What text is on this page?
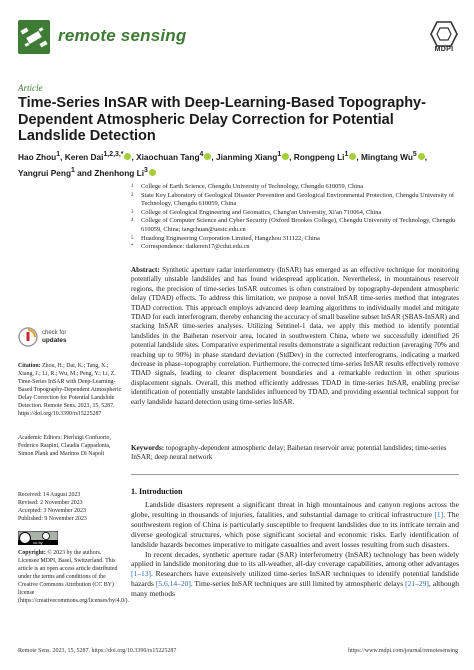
remote sensing
MDPI
Article
Time-Series InSAR with Deep-Learning-Based Topography-Dependent Atmospheric Delay Correction for Potential Landslide Detection
Hao Zhou$^1$, Keren Dai$^{1,2,3,*}$ , Xiaochuan Tang$^4$ , Jianming Xiang$^1$ , Rongpeng Li$^1$ , Mingtang Wu$^5$ ,
Yangrui Peng$^1$ and Zhenhong Li$^3$
1	College of Earth Science, Chengdu University of Technology, Chengdu 610059, China
2	State Key Laboratory of Geological Disaster Prevention and Geological Environmental Protection, Chengdu University of Technology, Chengdu 610059, China
3	College of Geological Engineering and Geomatics, Chang'an University, Xi'an 710064, China
4	College of Computer Science and Cyber Security (Oxford Brookes College), Chengdu University of Technology, Chengdu 610059, China; tangchuan@uestc.edu.cn
5	Huadong Engineering Corporation Limited, Hangzhou 311122, China
*	Correspondence: daikeren17@cdut.edu.cn
Abstract: Synthetic aperture radar interferometry (InSAR) has emerged as an effective technique for monitoring potentially unstable landslides and has found widespread application. Nevertheless, in mountainous reservoir regions, the precision of time-series InSAR outcomes is often constrained by topography-dependent atmospheric delay (TDAD) effects. To address this limitation, we propose a novel InSAR time-series method that integrates TDAD correction. This approach employs advanced deep learning algorithms to individually model and mitigate TDAD for each interferogram, thereby enhancing the accuracy of small baseline subset InSAR (SBAS-InSAR) and stacking InSAR time-series analyses. Utilizing Sentinel-1 data, we apply this method to identify potential landslides in the Baihetan reservoir area, located in southwestern China, where we successfully identified 26 potential landslide sites. Comparative experimental results demonstrate a significant reduction (averaging 70% and reaching up to 90%) in phase standard deviation (StdDev) in the corrected interferograms, indicating a marked decrease in phase–topography correlation. Furthermore, the corrected time-series InSAR results effectively remove TDAD signals, leading to clearer displacement boundaries and a remarkable reduction in other spurious displacement signals. Overall, this method efficiently addresses TDAD in time-series InSAR, enabling precise identification of potentially unstable landslides influenced by TDAD, and providing essential technical support for early landslide hazard detection using time-series InSAR.
Keywords: topography-dependent atmospheric delay; Baihetan reservoir area; potential landslides; time-series InSAR; deep neural network
1. Introduction

Landslide disasters represent a significant threat in high mountainous and canyon regions across the globe, resulting in thousands of injuries, fatalities, and substantial damage to critical infrastructure [1]. The southwestern region of China is particularly susceptible to frequent landslides due to its intricate terrain and diverse geological structures, which pose significant societal and economic risks. Early identification of landslide hazards becomes imperative to mitigate casualties and avert losses resulting from such disasters.

In recent decades, synthetic aperture radar (SAR) interferometry (InSAR) technology has been widely applied in landslide monitoring due to its all-weather, all-day coverage capabilities, among other advantages [1–13]. Researchers have extensively utilized time-series InSAR techniques to identify potential landslide hazards [5,6,14–20]. Time-series InSAR techniques are still limited by atmospheric delays [21–29], although many methods

check for
updates
Citation: Zhou, H.; Dai, K.; Tang, X.; Xiang, J.; Li, R.; Wu, M.; Peng, Y.; Li, Z. Time-Series InSAR with Deep-Learning-Based Topography-Dependent Atmospheric Delay Correction for Potential Landslide Detection. Remote Sens. 2023, 15, 5287. https://doi.org/10.3390/rs15225287
Academic Editors: Pierluigi Confuorto, Federico Raspini, Claudia Cappadonia, Simon Plank and Marinos Di Napoli
Received: 14 August 2023
Revised: 2 November 2023
Accepted: 3 November 2023
Published: 9 November 2023
cc by
Copyright: © 2023 by the authors. Licensee MDPI, Basel, Switzerland. This article is an open access article distributed under the terms and conditions of the Creative Commons Attribution (CC BY) license (https://creativecommons.org/licenses/by/4.0/).
Remote Sens. 2023, 15, 5287. https://doi.org/10.3390/rs15225287	https://www.mdpi.com/journal/remotesensing
